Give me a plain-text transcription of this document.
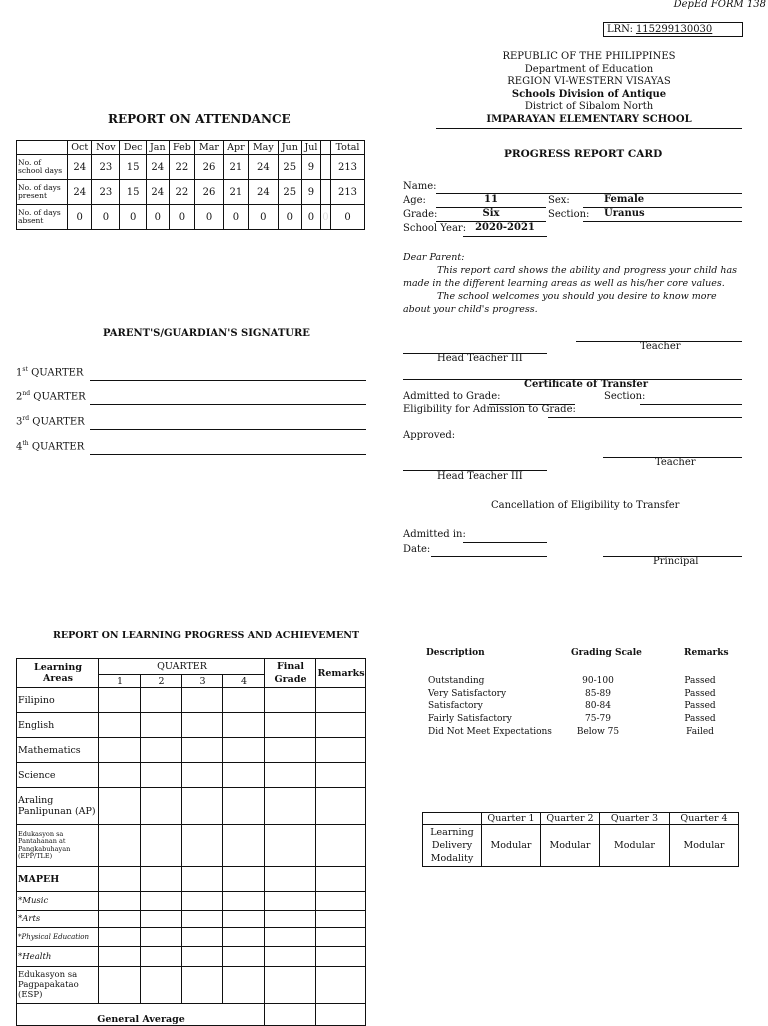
DepEd FORM 138
LRN: 115299130030
REPUBLIC OF THE PHILIPPINES
Department of Education
REGION VI-WESTERN VISAYAS
Schools Division of Antique
District of Sibalom North
IMPARAYAN ELEMENTARY SCHOOL
REPORT ON ATTENDANCE
	Oct	Nov	Dec	Jan	Feb	Mar	Apr	May	Jun	Jul		Total
No. of school days	24	23	15	24	22	26	21	24	25	9		213
No. of days present	24	23	15	24	22	26	21	24	25	9		213
No. of days absent	0	0	0	0	0	0	0	0	0	0	0	0
PARENT'S/GUARDIAN'S SIGNATURE
1st QUARTER
2nd QUARTER
3rd QUARTER
4th QUARTER
PROGRESS REPORT CARD
Name:
Age:	11	Sex:	Female
Grade:	Six	Section: Uranus
School Year: 2020-2021
Dear Parent:
This report card shows the ability and progress your child has made in the different learning areas as well as his/her core values.
The school welcomes you should you desire to know more about your child's progress.
Teacher
Head Teacher III
Certificate of Transfer
Admitted to Grade:	Section:
Eligibility for Admission to Grade:
Approved:
Teacher
Head Teacher III
Cancellation of Eligibility to Transfer
Admitted in:
Date:
Principal
REPORT ON LEARNING PROGRESS AND ACHIEVEMENT
Learning Areas	QUARTER				Final Grade	Remarks
	1	2	3	4		
Filipino						
English						
Mathematics						
Science						
Araling Panlipunan (AP)						
Edukasyon sa Pantahanan at Pangkabuhayan (EPP/TLE)						
MAPEH						
*Music						
*Arts						
*Physical Education						
*Health						
Edukasyon sa Pagpapakatao (ESP)						
General Average						
Description	Grading Scale	Remarks
Outstanding	90-100	Passed
Very Satisfactory	85-89	Passed
Satisfactory	80-84	Passed
Fairly Satisfactory	75-79	Passed
Did Not Meet Expectations	Below 75	Failed
	Quarter 1	Quarter 2	Quarter 3	Quarter 4
Learning Delivery Modality	Modular	Modular	Modular	Modular
